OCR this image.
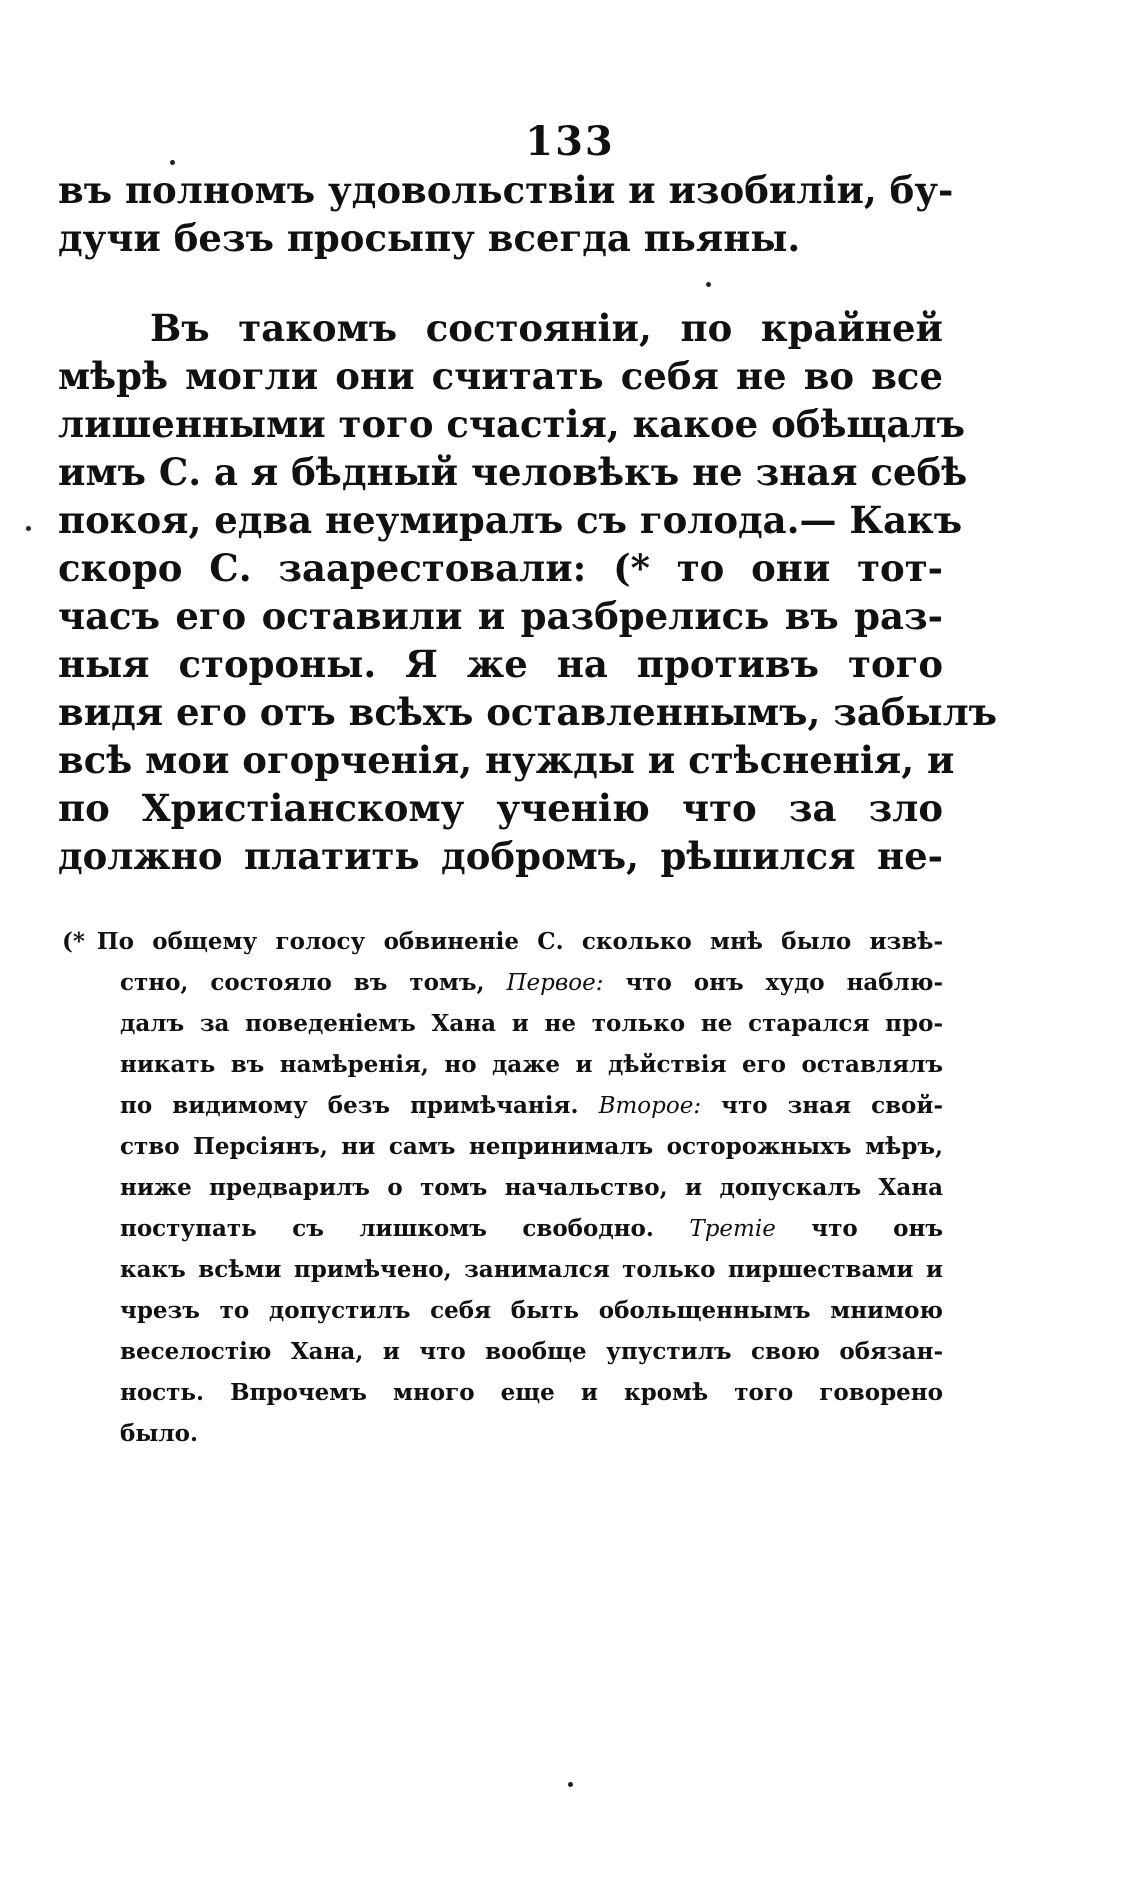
133
въ полномъ удовольствіи и изобиліи, бу-
дучи безъ просыпу всегда пьяны.
Въ такомъ состояніи, по крайней
мѣрѣ могли они считать себя не во все
лишенными того счастія, какое обѣщалъ
имъ С. а я бѣдный человѣкъ не зная себѣ
покоя, едва неумиралъ съ голода.— Какъ
скоро С. заарестовали: (* то они тот-
часъ его оставили и разбрелись въ раз-
ныя стороны. Я же на противъ того
видя его отъ всѣхъ оставленнымъ, забылъ
всѣ мои огорченія, нужды и стѣсненія, и
по Христіанскому ученію что за зло
должно платить добромъ, рѣшился не-
(* По общему голосу обвиненіе С. сколько мнѣ было извѣ-
стно, состояло въ томъ, Первое: что онъ худо наблю-
далъ за поведеніемъ Хана и не только не старался про-
никать въ намѣренія, но даже и дѣйствія его оставлялъ
по видимому безъ примѣчанія. Второе: что зная свой-
ство Персіянъ, ни самъ непринималъ осторожныхъ мѣръ,
ниже предварилъ о томъ начальство, и допускалъ Хана
поступать съ лишкомъ свободно. Третіе что онъ
какъ всѣми примѣчено, занимался только пиршествами и
чрезъ то допустилъ себя быть обольщеннымъ мнимою
веселостію Хана, и что вообще упустилъ свою обязан-
ность. Впрочемъ много еще и кромѣ того говорено
было.
